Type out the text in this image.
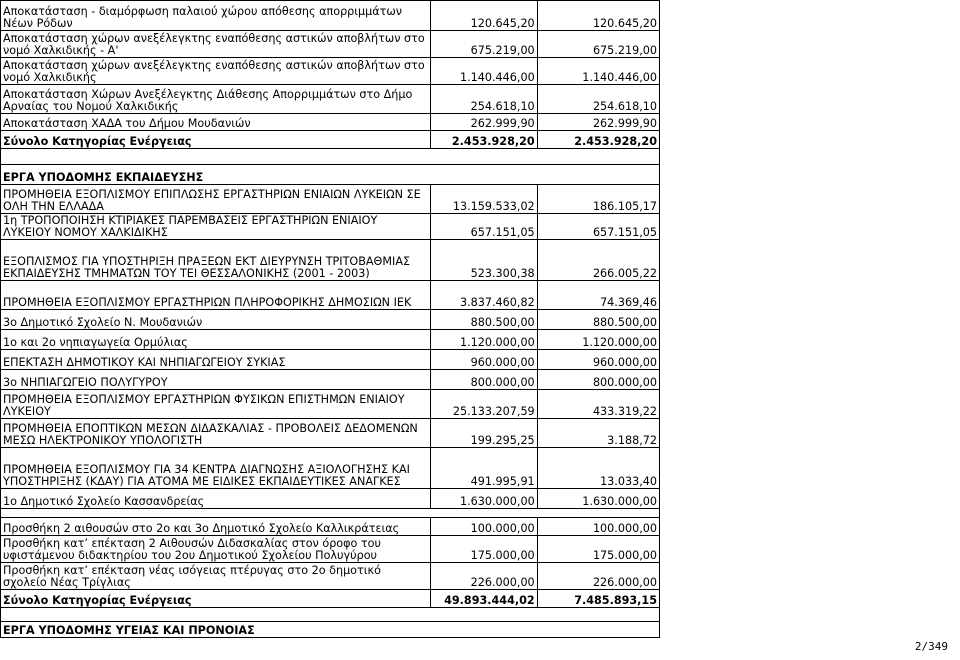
Αποκατάσταση - διαμόρφωση παλαιού χώρου απόθεσης απορριμμάτων Νέων Ρόδων	120.645,20	120.645,20
Αποκατάσταση χώρων ανεξέλεγκτης εναπόθεσης αστικών αποβλήτων στο νομό Χαλκιδικής - Α'	675.219,00	675.219,00
Αποκατάσταση χώρων ανεξέλεγκτης εναπόθεσης αστικών αποβλήτων στο νομό Χαλκιδικής	1.140.446,00	1.140.446,00
Αποκατάσταση Χώρων Ανεξέλεγκτης Διάθεσης Απορριμμάτων στο Δήμο Αρναίας του Νομού Χαλκιδικής	254.618,10	254.618,10
Αποκατάσταση ΧΑΔΑ του Δήμου Μουδανιών	262.999,90	262.999,90
Σύνολο Κατηγορίας Ενέργειας	2.453.928,20	2.453.928,20

ΕΡΓΑ ΥΠΟΔΟΜΗΣ ΕΚΠΑΙΔΕΥΣΗΣ		
ΠΡΟΜΗΘΕΙΑ ΕΞΟΠΛΙΣΜΟΥ ΕΠΙΠΛΩΣΗΣ ΕΡΓΑΣΤΗΡΙΩΝ ΕΝΙΑΙΩΝ ΛΥΚΕΙΩΝ ΣΕ ΟΛΗ ΤΗΝ ΕΛΛΑΔΑ	13.159.533,02	186.105,17
1η ΤΡΟΠΟΠΟΙΗΣΗ ΚΤΙΡΙΑΚΕΣ ΠΑΡΕΜΒΑΣΕΙΣ ΕΡΓΑΣΤΗΡΙΩΝ ΕΝΙΑΙΟΥ ΛΥΚΕΙΟΥ ΝΟΜΟΥ ΧΑΛΚΙΔΙΚΗΣ	657.151,05	657.151,05
ΕΞΟΠΛΙΣΜΟΣ ΓΙΑ ΥΠΟΣΤΗΡΙΞΗ ΠΡΑΞΕΩΝ ΕΚΤ ΔΙΕΥΡΥΝΣΗ ΤΡΙΤΟΒΑΘΜΙΑΣ ΕΚΠΑΙΔΕΥΣΗΣ ΤΜΗΜΑΤΩΝ ΤΟΥ ΤΕΙ ΘΕΣΣΑΛΟΝΙΚΗΣ (2001 - 2003)	523.300,38	266.005,22
ΠΡΟΜΗΘΕΙΑ ΕΞΟΠΛΙΣΜΟΥ ΕΡΓΑΣΤΗΡΙΩΝ ΠΛΗΡΟΦΟΡΙΚΗΣ ΔΗΜΟΣΙΩΝ ΙΕΚ	3.837.460,82	74.369,46
3ο Δημοτικό Σχολείο Ν. Μουδανιών	880.500,00	880.500,00
1ο και 2ο νηπιαγωγεία Ορμύλιας	1.120.000,00	1.120.000,00
ΕΠΕΚΤΑΣΗ ΔΗΜΟΤΙΚΟΥ ΚΑΙ ΝΗΠΙΑΓΩΓΕΙΟΥ ΣΥΚΙΑΣ	960.000,00	960.000,00
3ο ΝΗΠΙΑΓΩΓΕΙΟ ΠΟΛΥΓΥΡΟΥ	800.000,00	800.000,00
ΠΡΟΜΗΘΕΙΑ ΕΞΟΠΛΙΣΜΟΥ ΕΡΓΑΣΤΗΡΙΩΝ ΦΥΣΙΚΩΝ ΕΠΙΣΤΗΜΩΝ ΕΝΙΑΙΟΥ ΛΥΚΕΙΟΥ	25.133.207,59	433.319,22
ΠΡΟΜΗΘΕΙΑ ΕΠΟΠΤΙΚΩΝ ΜΕΣΩΝ ΔΙΔΑΣΚΑΛΙΑΣ - ΠΡΟΒΟΛΕΙΣ ΔΕΔΟΜΕΝΩΝ ΜΕΣΩ ΗΛΕΚΤΡΟΝΙΚΟΥ ΥΠΟΛΟΓΙΣΤΗ	199.295,25	3.188,72
ΠΡΟΜΗΘΕΙΑ ΕΞΟΠΛΙΣΜΟΥ ΓΙΑ 34 ΚΕΝΤΡΑ ΔΙΑΓΝΩΣΗΣ ΑΞΙΟΛΟΓΗΣΗΣ ΚΑΙ ΥΠΟΣΤΗΡΙΞΗΣ (ΚΔΑΥ) ΓΙΑ ΑΤΟΜΑ ΜΕ ΕΙΔΙΚΕΣ ΕΚΠΑΙΔΕΥΤΙΚΕΣ ΑΝΑΓΚΕΣ	491.995,91	13.033,40
1ο Δημοτικό Σχολείο Κασσανδρείας	1.630.000,00	1.630.000,00

Προσθήκη 2 αιθουσών στο 2ο και 3ο Δημοτικό Σχολείο Καλλικράτειας	100.000,00	100.000,00
Προσθήκη κατ’ επέκταση 2 Αιθουσών Διδασκαλίας στον όροφο του υφιστάμενου διδακτηρίου του 2ου Δημοτικού Σχολείου Πολυγύρου	175.000,00	175.000,00
Προσθήκη κατ’ επέκταση νέας ισόγειας πτέρυγας στο 2ο δημοτικό σχολείο Νέας Τρίγλιας	226.000,00	226.000,00
Σύνολο Κατηγορίας Ενέργειας	49.893.444,02	7.485.893,15

ΕΡΓΑ ΥΠΟΔΟΜΗΣ ΥΓΕΙΑΣ ΚΑΙ ΠΡΟΝΟΙΑΣ		
2/349
